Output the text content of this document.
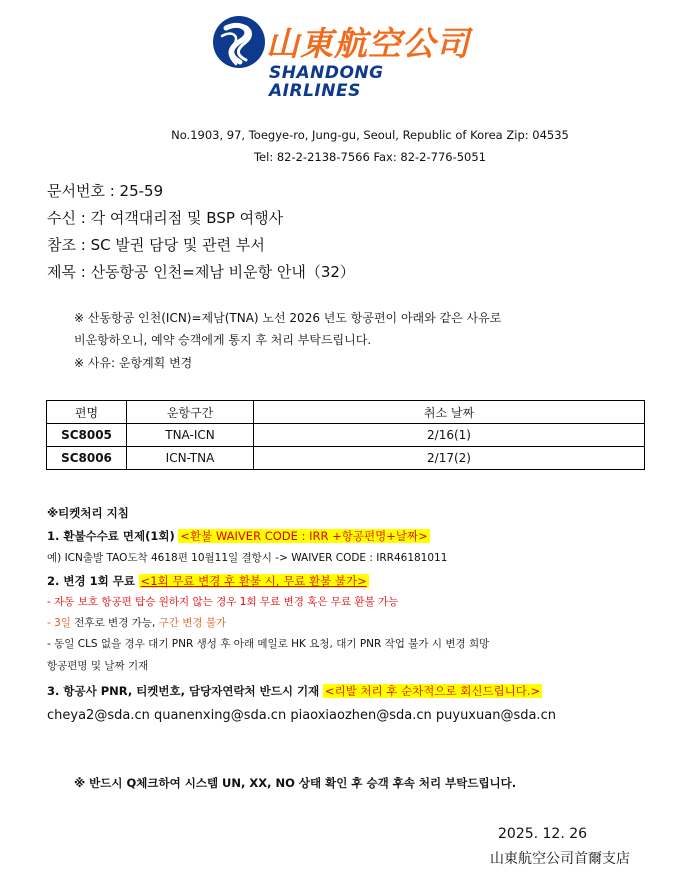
山東航空公司
SHANDONG
AIRLINES
No.1903, 97, Toegye-ro, Jung-gu, Seoul, Republic of Korea Zip: 04535
Tel: 82-2-2138-7566 Fax: 82-2-776-5051
문서번호 : 25-59
수신 : 각 여객대리점 및 BSP 여행사
참조 : SC 발권 담당 및 관련 부서
제목 : 산동항공 인천=제남 비운항 안내（32）
※ 산동항공 인천(ICN)=제남(TNA) 노선 2026 년도 항공편이 아래와 같은 사유로
비운항하오니, 예약 승객에게 통지 후 처리 부탁드립니다.
※ 사유: 운항계획 변경
편명	운항구간	취소 날짜
SC8005	TNA-ICN	2/16(1)
SC8006	ICN-TNA	2/17(2)
※티켓처리 지침
1. 환불수수료 면제(1회) <환불 WAIVER CODE : IRR +항공편명+날짜>
예) ICN출발 TAO도착 4618편 10월11일 결항시 -> WAIVER CODE : IRR46181011
2. 변경 1회 무료 <1회 무료 변경 후 환불 시, 무료 환불 불가>
- 자동 보호 항공편 탑승 원하지 않는 경우 1회 무료 변경 혹은 무료 환불 가능
- 3일 전후로 변경 가능, 구간 변경 불가
- 동일 CLS 없을 경우 대기 PNR 생성 후 아래 메일로 HK 요청, 대기 PNR 작업 불가 시 변경 희망
항공편명 및 날짜 기재
3. 항공사 PNR, 티켓번호, 담당자연락처 반드시 기재 <리발 처리 후 순차적으로 회신드립니다.>
cheya2@sda.cn quanenxing@sda.cn piaoxiaozhen@sda.cn puyuxuan@sda.cn
※ 반드시 Q체크하여 시스템 UN, XX, NO 상태 확인 후 승객 후속 처리 부탁드립니다.
2025. 12. 26
山東航空公司首爾支店
